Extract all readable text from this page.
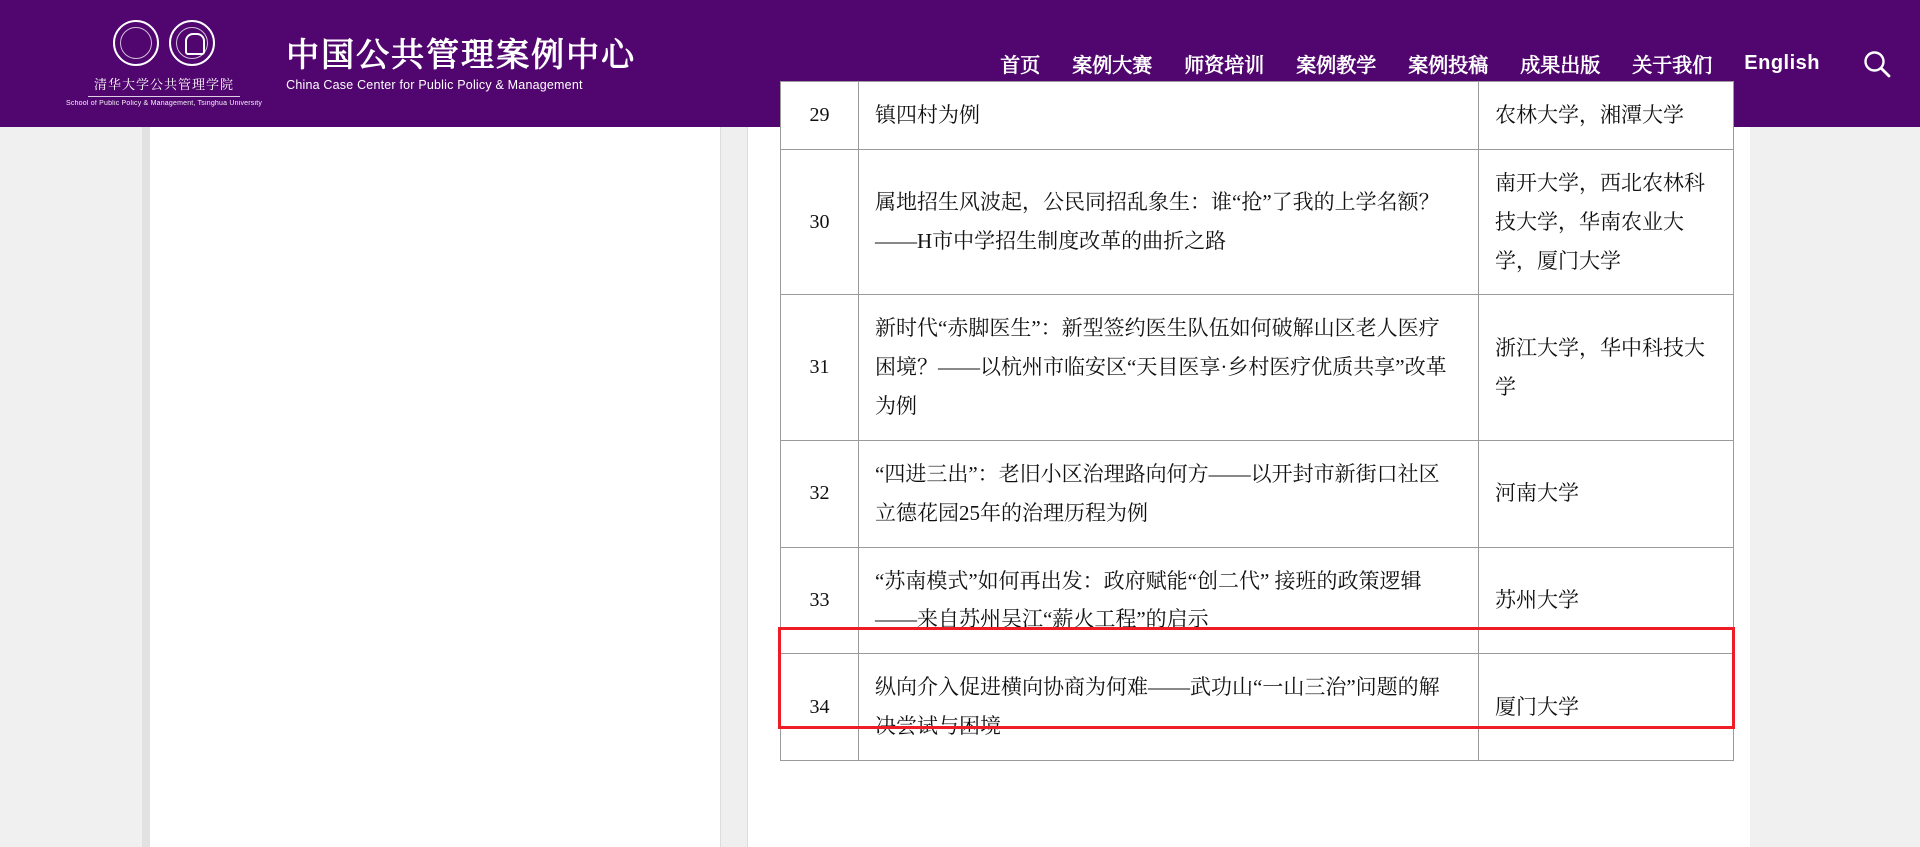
清华大学公共管理学院
School of Public Policy & Management, Tsinghua University
中国公共管理案例中心
China Case Center for Public Policy & Management
首页 案例大赛 师资培训 案例教学 案例投稿 成果出版 关于我们 English
29	镇四村为例	农林大学，湘潭大学
30	属地招生风波起，公民同招乱象生：谁“抢”了我的上学名额？——H市中学招生制度改革的曲折之路	南开大学，西北农林科技大学，华南农业大学，厦门大学
31	新时代“赤脚医生”：新型签约医生队伍如何破解山区老人医疗困境？——以杭州市临安区“天目医享·乡村医疗优质共享”改革为例	浙江大学，华中科技大学
32	“四进三出”：老旧小区治理路向何方——以开封市新街口社区立德花园25年的治理历程为例	河南大学
33	“苏南模式”如何再出发：政府赋能“创二代” 接班的政策逻辑——来自苏州吴江“薪火工程”的启示	苏州大学
34	纵向介入促进横向协商为何难——武功山“一山三治”问题的解决尝试与困境	厦门大学
